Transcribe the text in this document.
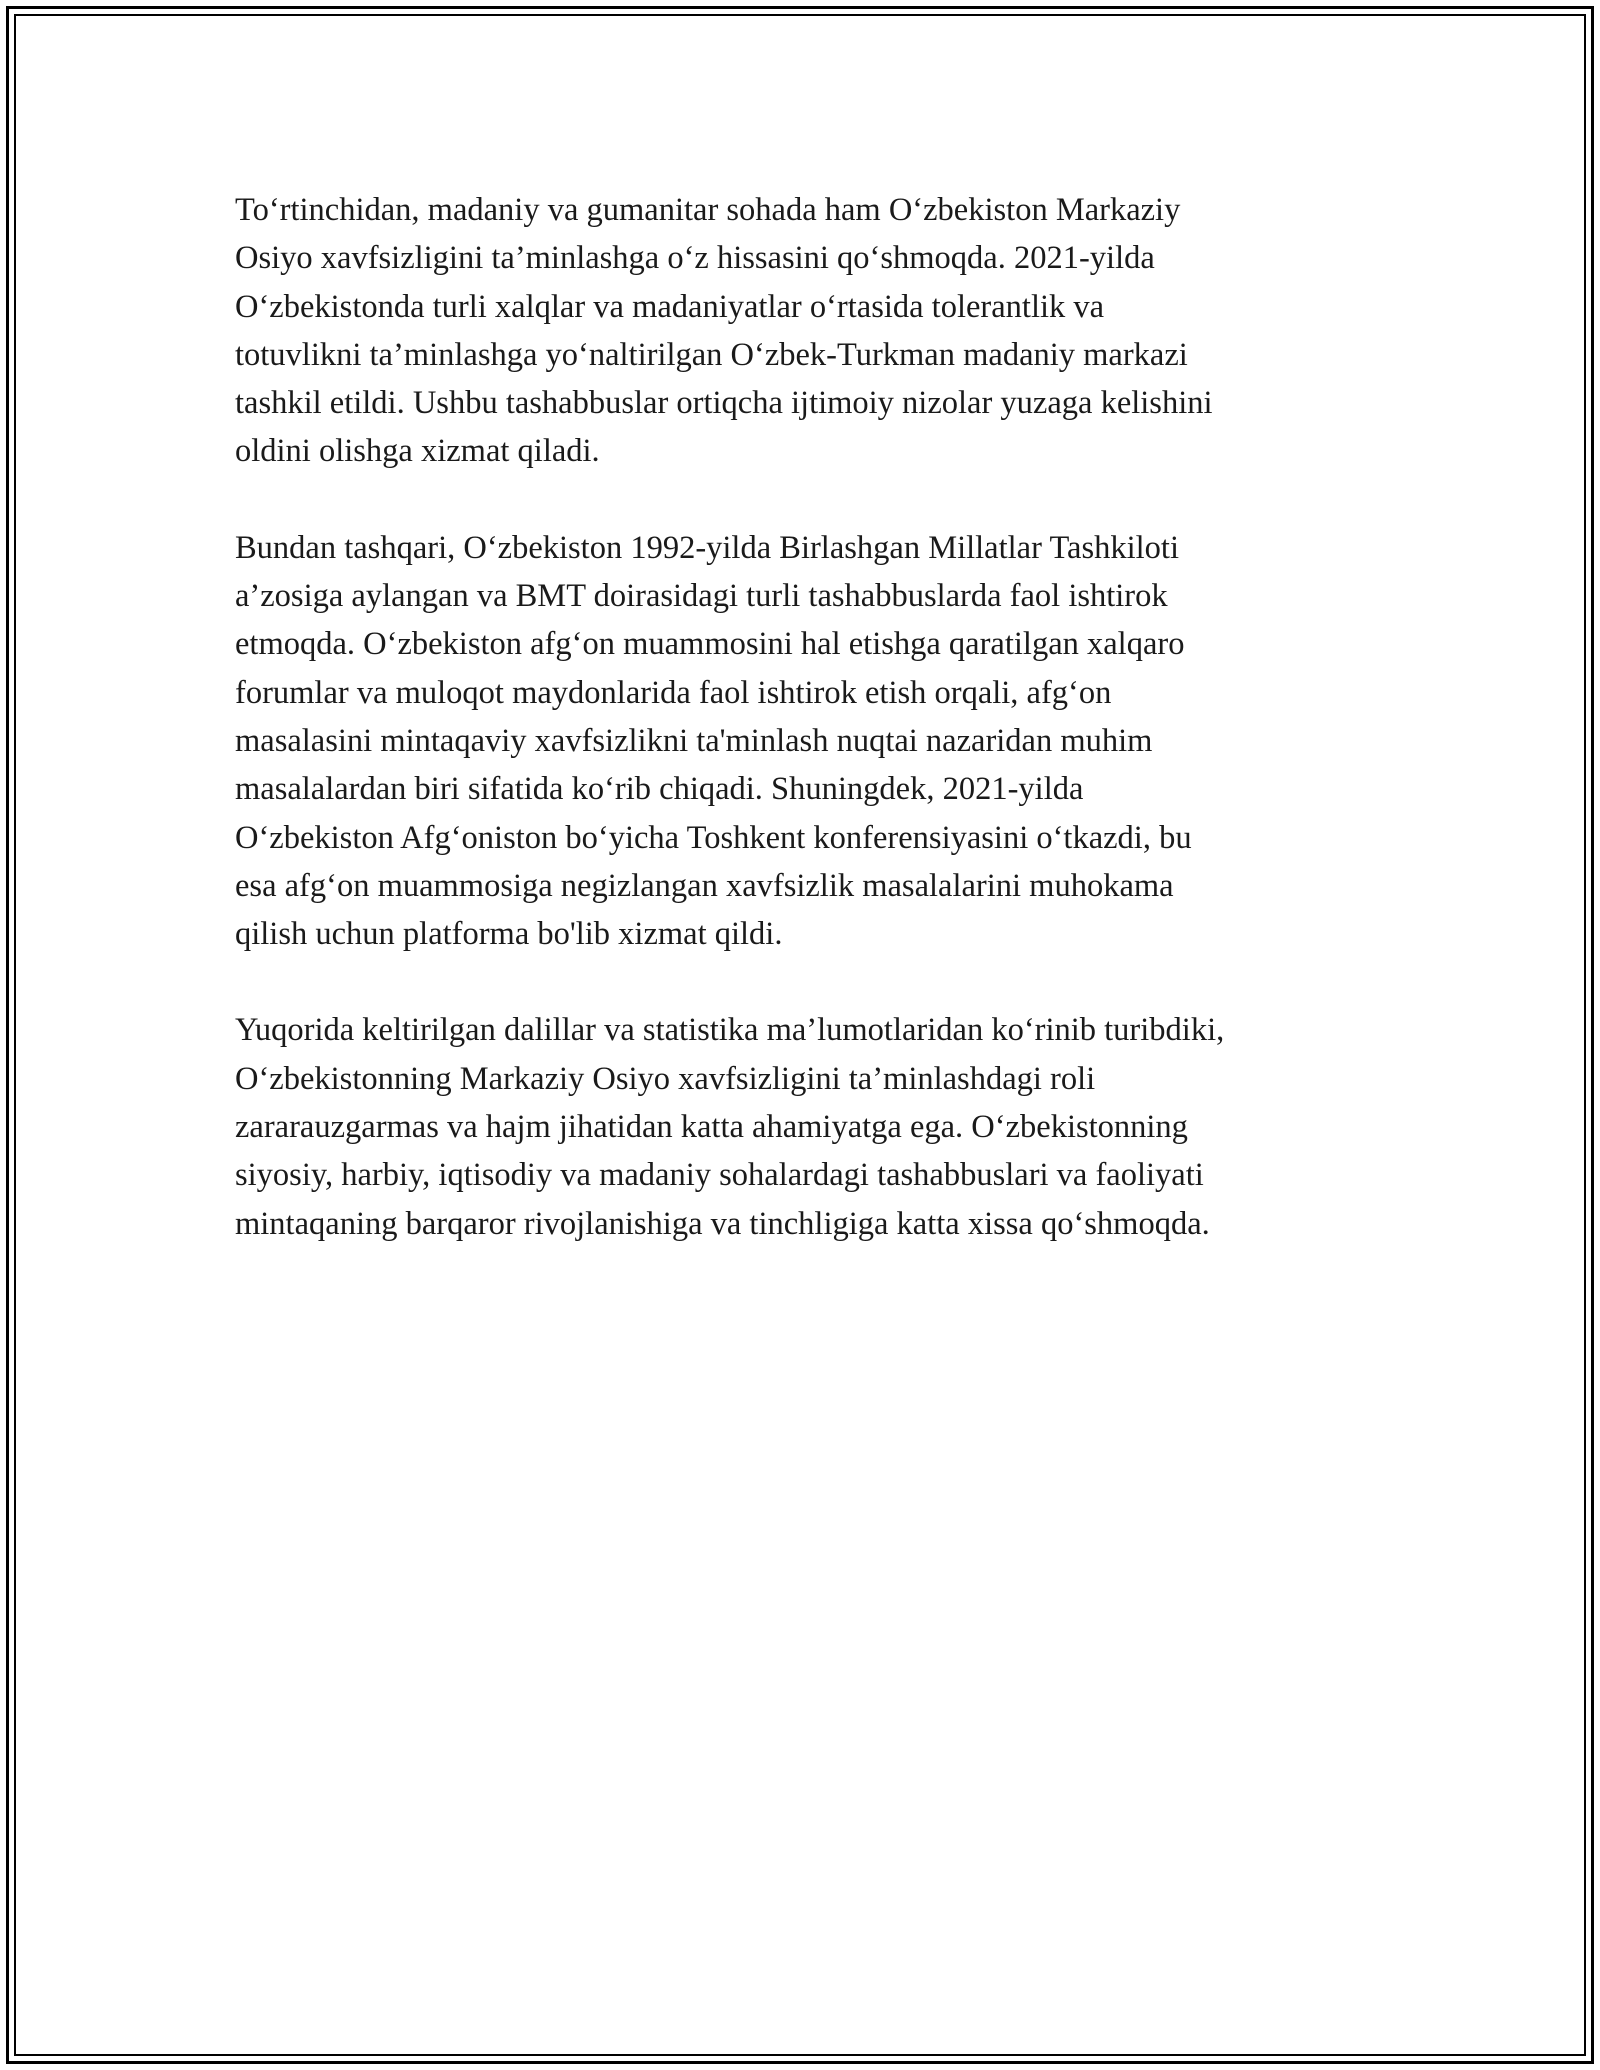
To‘rtinchidan, madaniy va gumanitar sohada ham O‘zbekiston Markaziy
Osiyo xavfsizligini ta’minlashga o‘z hissasini qo‘shmoqda. 2021-yilda
O‘zbekistonda turli xalqlar va madaniyatlar o‘rtasida tolerantlik va
totuvlikni ta’minlashga yo‘naltirilgan O‘zbek-Turkman madaniy markazi
tashkil etildi. Ushbu tashabbuslar ortiqcha ijtimoiy nizolar yuzaga kelishini
oldini olishga xizmat qiladi.

Bundan tashqari, O‘zbekiston 1992-yilda Birlashgan Millatlar Tashkiloti
a’zosiga aylangan va BMT doirasidagi turli tashabbuslarda faol ishtirok
etmoqda. O‘zbekiston afg‘on muammosini hal etishga qaratilgan xalqaro
forumlar va muloqot maydonlarida faol ishtirok etish orqali, afg‘on
masalasini mintaqaviy xavfsizlikni ta'minlash nuqtai nazaridan muhim
masalalardan biri sifatida ko‘rib chiqadi. Shuningdek, 2021-yilda
O‘zbekiston Afg‘oniston bo‘yicha Toshkent konferensiyasini o‘tkazdi, bu
esa afg‘on muammosiga negizlangan xavfsizlik masalalarini muhokama
qilish uchun platforma bo'lib xizmat qildi.

Yuqorida keltirilgan dalillar va statistika ma’lumotlaridan ko‘rinib turibdiki,
O‘zbekistonning Markaziy Osiyo xavfsizligini ta’minlashdagi roli
zararauzgarmas va hajm jihatidan katta ahamiyatga ega. O‘zbekistonning
siyosiy, harbiy, iqtisodiy va madaniy sohalardagi tashabbuslari va faoliyati
mintaqaning barqaror rivojlanishiga va tinchligiga katta xissa qo‘shmoqda.
